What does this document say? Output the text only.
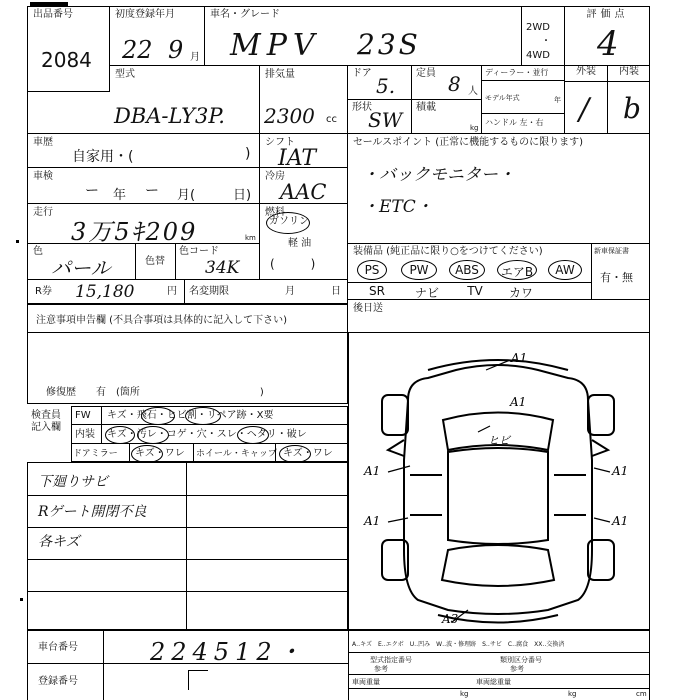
出品番号
2084
初度登録年月
22 9 月
車名・グレード
MPV 23S
2WD
・
4WD
評価点
4
型式
DBA-LY3P.
排気量
2300 cc
ドア
5.
定員 8 人
ディーラー・並行
モデル年式	年
ハンドル 左・右
形状
SW
積載
kg
外装	内装
/ b
車歴
自家用・(	)
シフト
IAT
車検
ー 年 ー 月(	日)
冷房
AAC
走行
3万5ｷ209	km
燃料
ガソリン
軽 油
(　　　)
色
パール	色替
色コード
34K
セールスポイント (正常に機能するものに限ります)
・バックモニター・
・ETC・
装備品 (純正品に限り○をつけてください)	新車保証書
有・無
PS	PW	ABS	エアB	AW
SR	ナビ	TV	カワ
R券 15,180	円 名変期限	月	日
後日送
注意事項申告欄 (不具合事項は具体的に記入して下さい)
修復歴　　有　(箇所　　　　　　　　　　　　)
検査員 記入欄
FW キズ・飛石・ヒビ割・リペア跡・X要
内装 キズ・汚レ・コゲ・穴・スレ・ヘタリ・破レ
ドアミラー キズ・ワレ ホイール・キャップ キズ・ワレ
下廻りサビ
Rゲート開閉不良
各キズ
A1
A1
A1
A1
A1
A1
A3
ヒビ
車台番号	224512・
登録番号
A‥キズ　E‥エクボ　U‥凹み　W‥波・修理跡　S‥サビ　C‥腐食　XX‥交換済
型式指定番号
参考
類別区分番号
参考
車両重量
kg
車両総重量
kg	cm
